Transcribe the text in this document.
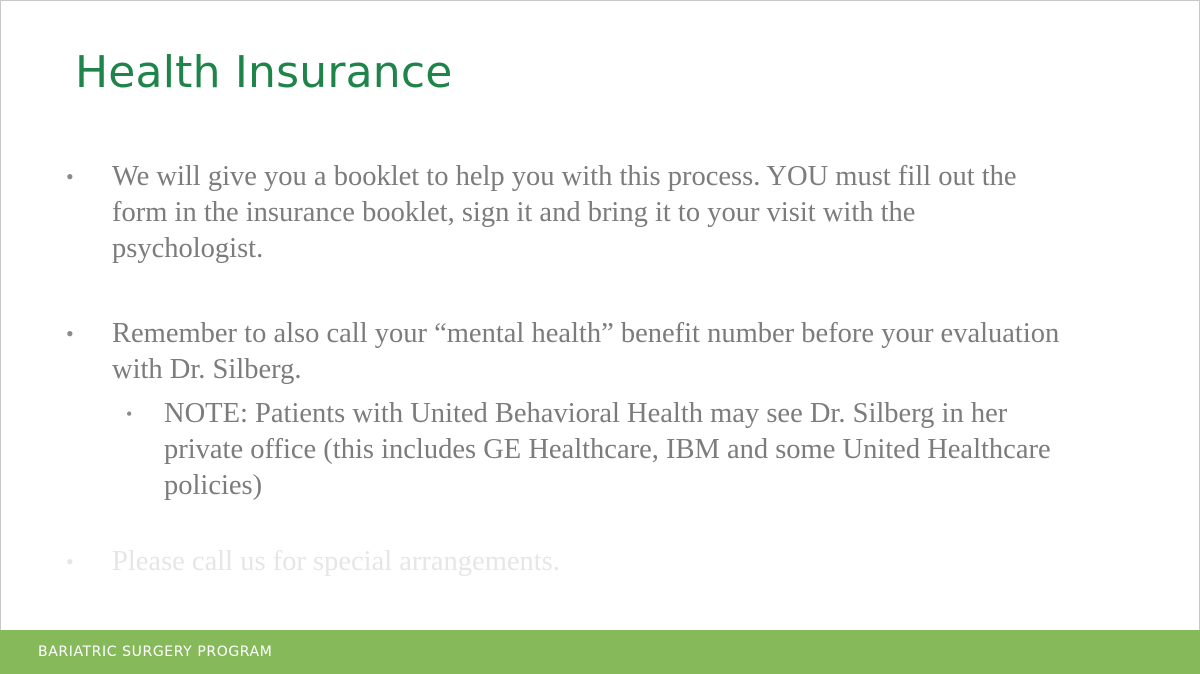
Health Insurance
• We will give you a booklet to help you with this process. YOU must fill out the form in the insurance booklet, sign it and bring it to your visit with the psychologist.
• Remember to also call your “mental health” benefit number before your evaluation with Dr. Silberg.
• NOTE: Patients with United Behavioral Health may see Dr. Silberg in her private office (this includes GE Healthcare, IBM and some United Healthcare policies)
• Please call us for special arrangements.
BARIATRIC SURGERY PROGRAM
